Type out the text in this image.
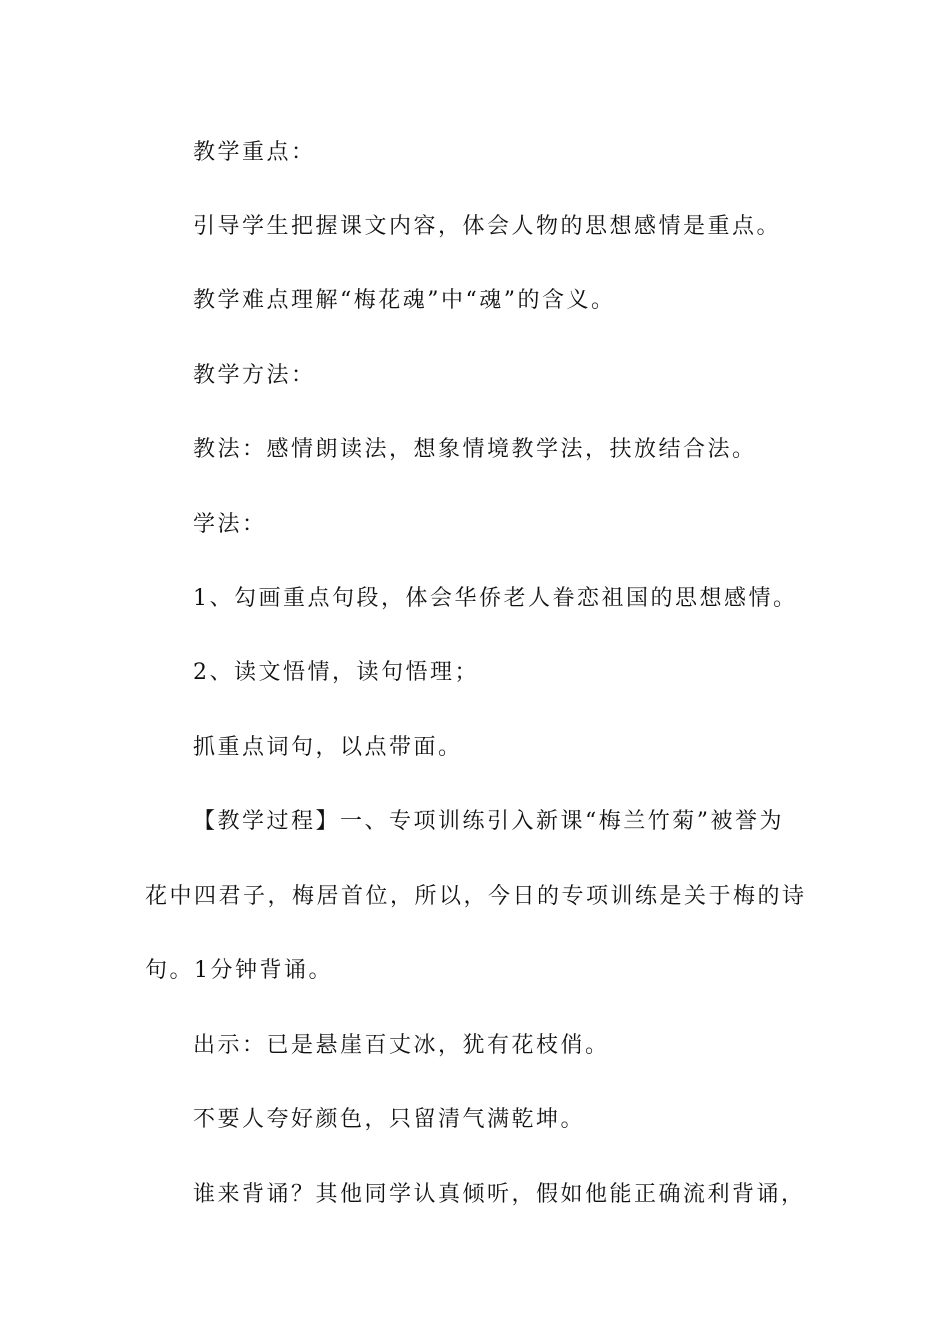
教学重点：
引导学生把握课文内容，体会人物的思想感情是重点。
教学难点理解“梅花魂”中“魂”的含义。
教学方法：
教法：感情朗读法，想象情境教学法，扶放结合法。
学法：
1、勾画重点句段，体会华侨老人眷恋祖国的思想感情。
2、读文悟情，读句悟理；
抓重点词句，以点带面。
【教学过程】一、专项训练引入新课“梅兰竹菊”被誉为
花中四君子，梅居首位，所以，今日的专项训练是关于梅的诗
句。1分钟背诵。
出示：已是悬崖百丈冰，犹有花枝俏。
不要人夸好颜色，只留清气满乾坤。
谁来背诵？其他同学认真倾听，假如他能正确流利背诵，
